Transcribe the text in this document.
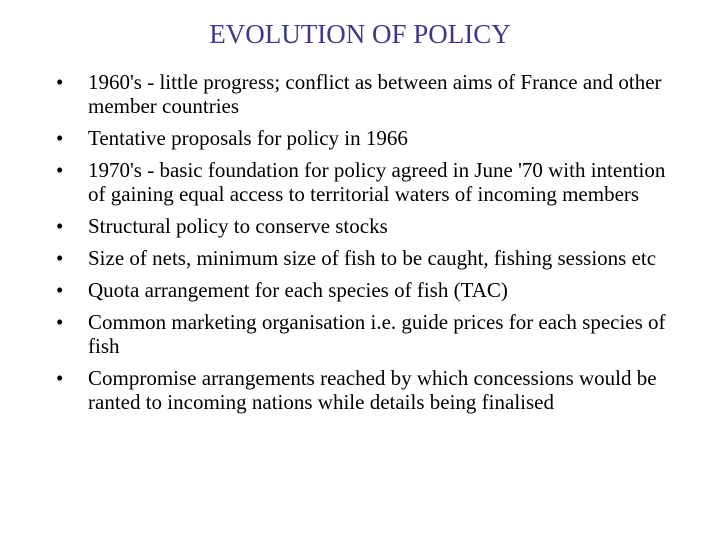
EVOLUTION OF POLICY
•	1960's - little progress; conflict as between aims of France and other member countries
•	Tentative proposals for policy in 1966
•	1970's - basic foundation for policy agreed in June '70 with intention of gaining equal access to territorial waters of incoming members
•	Structural policy to conserve stocks
•	Size of nets, minimum size of fish to be caught, fishing sessions etc
•	Quota arrangement for each species of fish (TAC)
•	Common marketing organisation i.e. guide prices for each species of fish
•	Compromise arrangements reached by which concessions would be ranted to incoming nations while details being finalised
